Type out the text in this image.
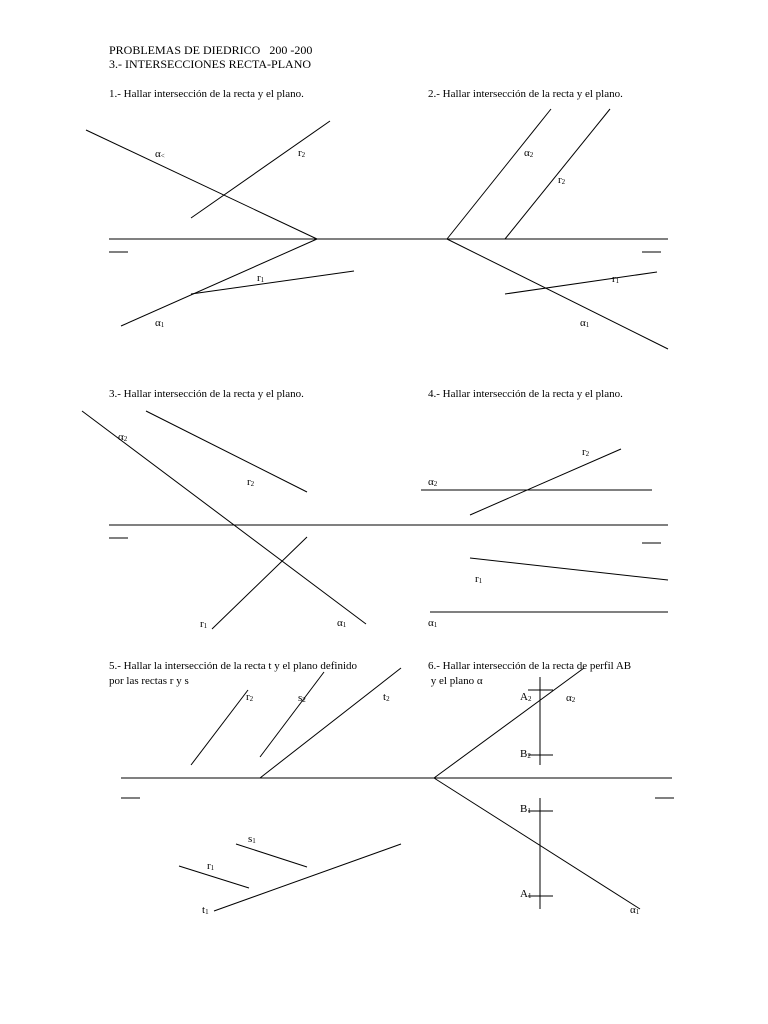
PROBLEMAS DE DIEDRICO   200 -200
3.- INTERSECCIONES RECTA-PLANO
1.- Hallar intersección de la recta y el plano.	2.- Hallar intersección de la recta y el plano.
3.- Hallar intersección de la recta y el plano.	4.- Hallar intersección de la recta y el plano.
5.- Hallar la intersección de la recta t y el plano definido
por las rectas r y s
6.- Hallar intersección de la recta de perfil AB
y el plano α
α<	r2
r1
α1
α2
r2
r1
α1
α2
r2
r1	α1
r2
α2
r1
α1
r2	s2	t2
s1
r1
t1
A2	α2
B2
B1
A1
α1
